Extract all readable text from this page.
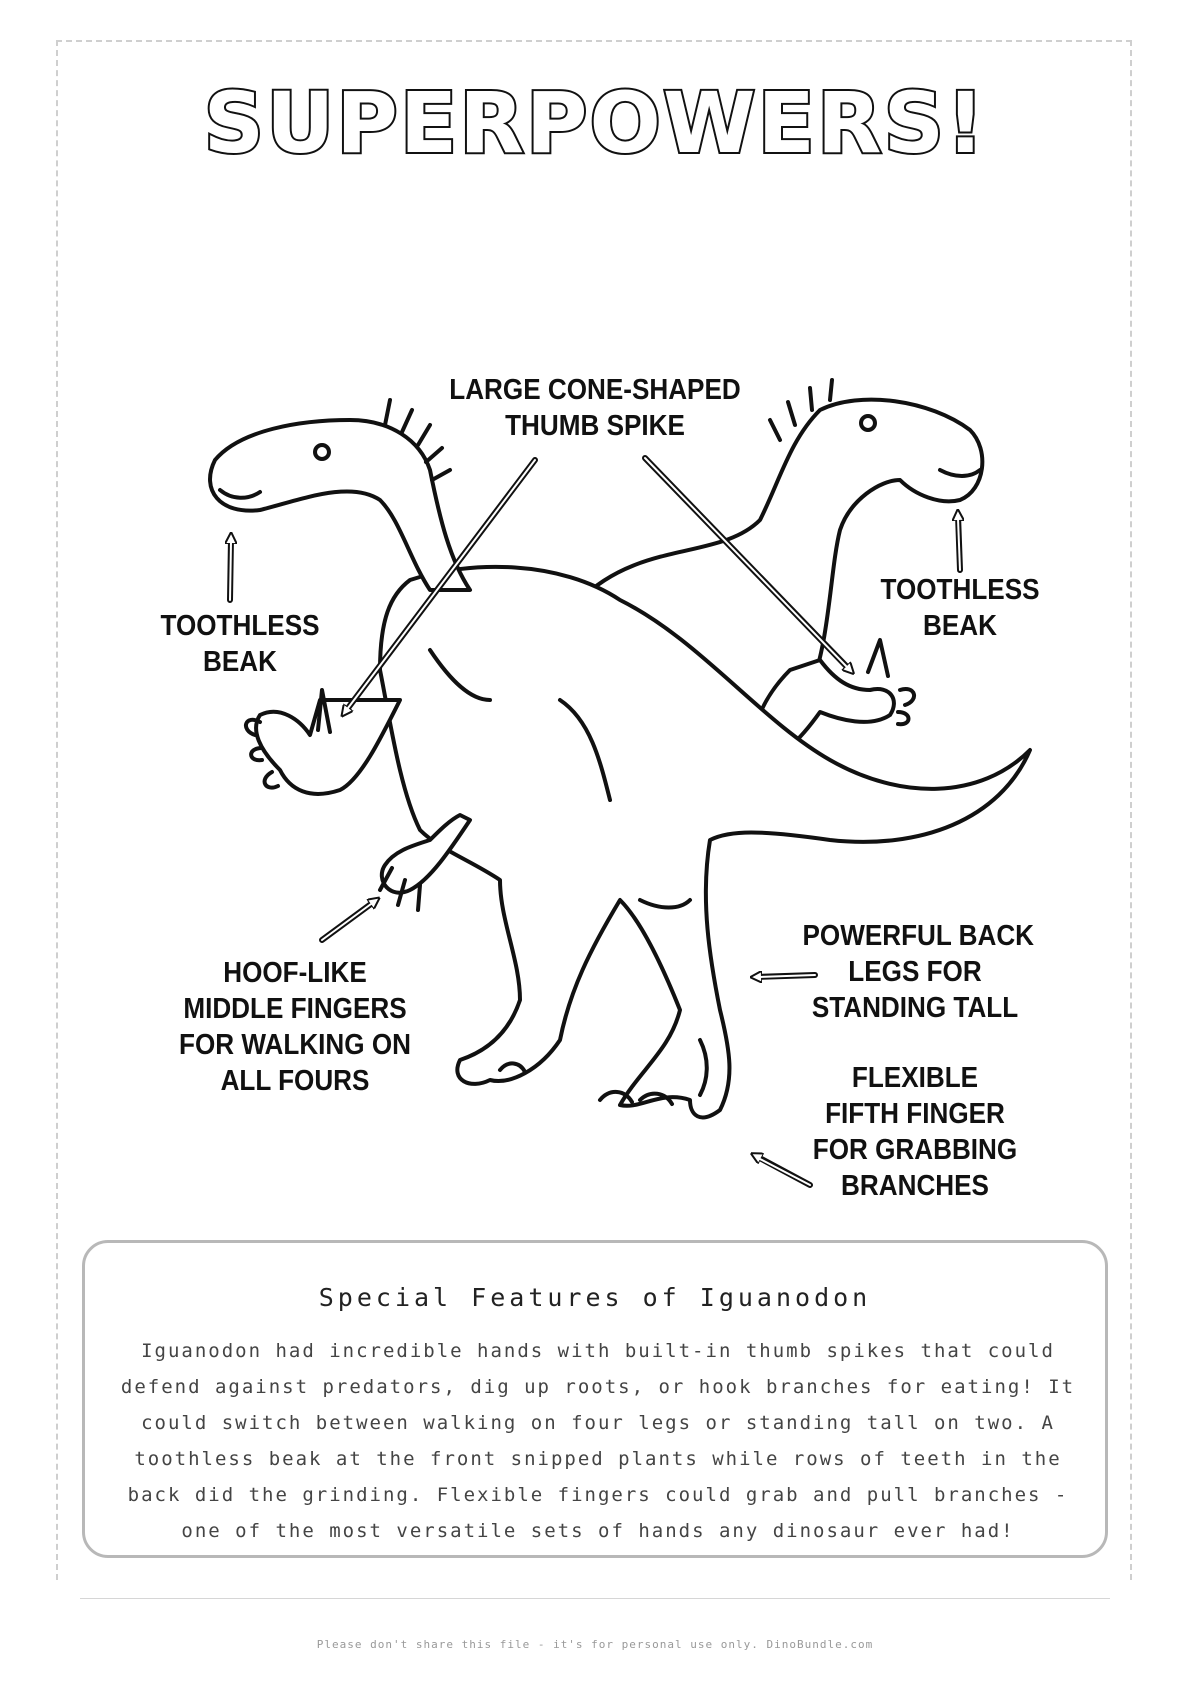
SUPERPOWERS!
LARGE CONE-SHAPED
THUMB SPIKE
TOOTHLESS
BEAK
TOOTHLESS
BEAK
HOOF-LIKE
MIDDLE FINGERS
FOR WALKING ON
ALL FOURS
POWERFUL BACK
LEGS FOR
STANDING TALL
FLEXIBLE
FIFTH FINGER
FOR GRABBING
BRANCHES
Special Features of Iguanodon
Iguanodon had incredible hands with built-in thumb spikes that could defend against predators, dig up roots, or hook branches for eating! It could switch between walking on four legs or standing tall on two. A toothless beak at the front snipped plants while rows of teeth in the back did the grinding. Flexible fingers could grab and pull branches - one of the most versatile sets of hands any dinosaur ever had!
Please don't share this file - it's for personal use only. DinoBundle.com
